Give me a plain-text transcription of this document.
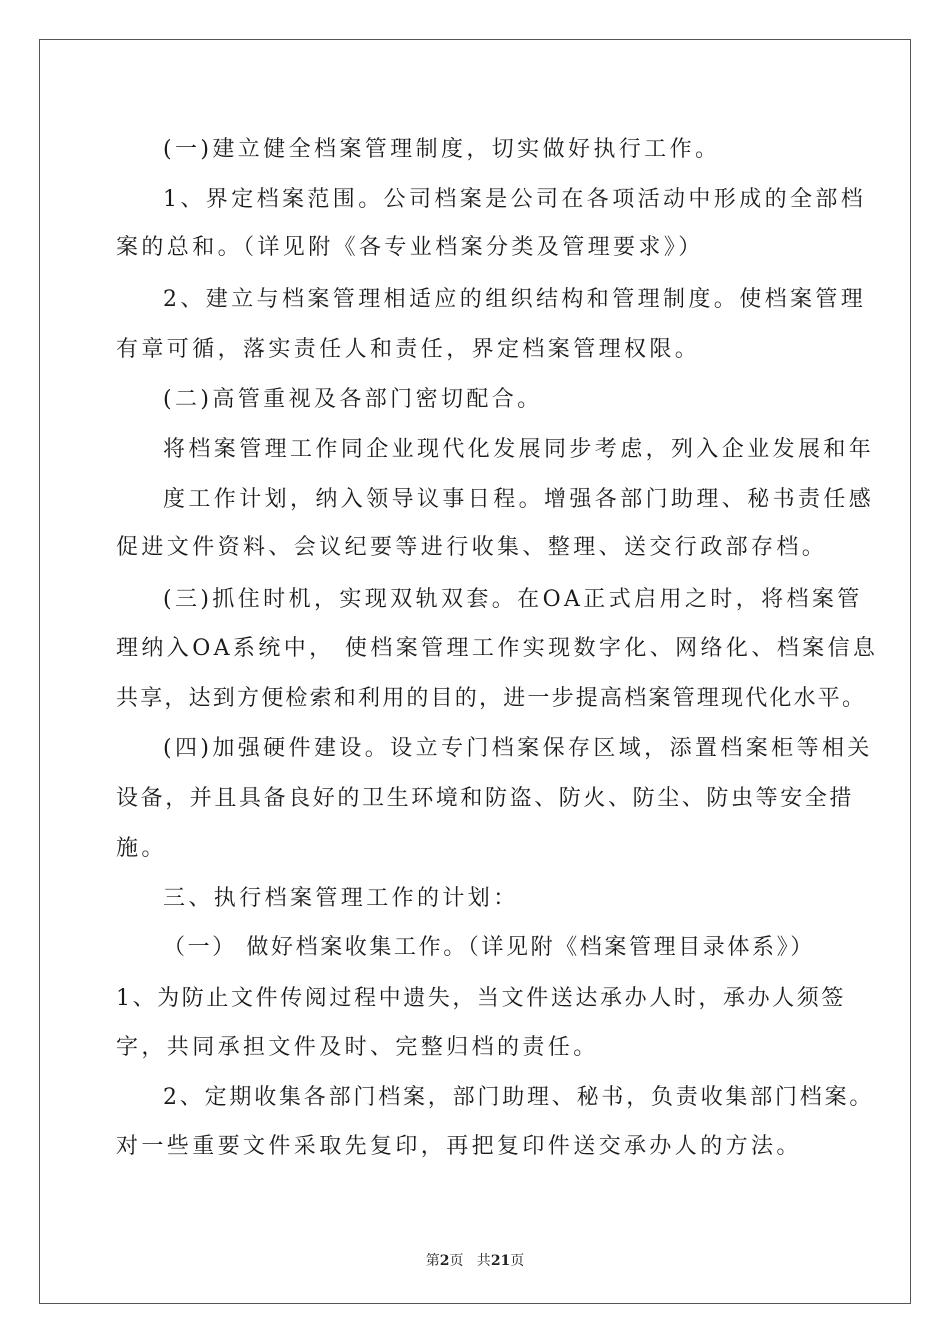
(一)建立健全档案管理制度，切实做好执行工作。
1、界定档案范围。公司档案是公司在各项活动中形成的全部档
案的总和。（详见附《各专业档案分类及管理要求》）
2、建立与档案管理相适应的组织结构和管理制度。使档案管理
有章可循，落实责任人和责任，界定档案管理权限。
(二)高管重视及各部门密切配合。
将档案管理工作同企业现代化发展同步考虑，列入企业发展和年
度工作计划，纳入领导议事日程。增强各部门助理、秘书责任感
促进文件资料、会议纪要等进行收集、整理、送交行政部存档。
(三)抓住时机，实现双轨双套。在OA正式启用之时，将档案管
理纳入OA系统中， 使档案管理工作实现数字化、网络化、档案信息
共享，达到方便检索和利用的目的，进一步提高档案管理现代化水平。
(四)加强硬件建设。设立专门档案保存区域，添置档案柜等相关
设备，并且具备良好的卫生环境和防盗、防火、防尘、防虫等安全措
施。
三、执行档案管理工作的计划：
（一） 做好档案收集工作。（详见附《档案管理目录体系》）
1、为防止文件传阅过程中遗失，当文件送达承办人时，承办人须签
字，共同承担文件及时、完整归档的责任。
2、定期收集各部门档案，部门助理、秘书，负责收集部门档案。
对一些重要文件采取先复印，再把复印件送交承办人的方法。
第2页   共21页
